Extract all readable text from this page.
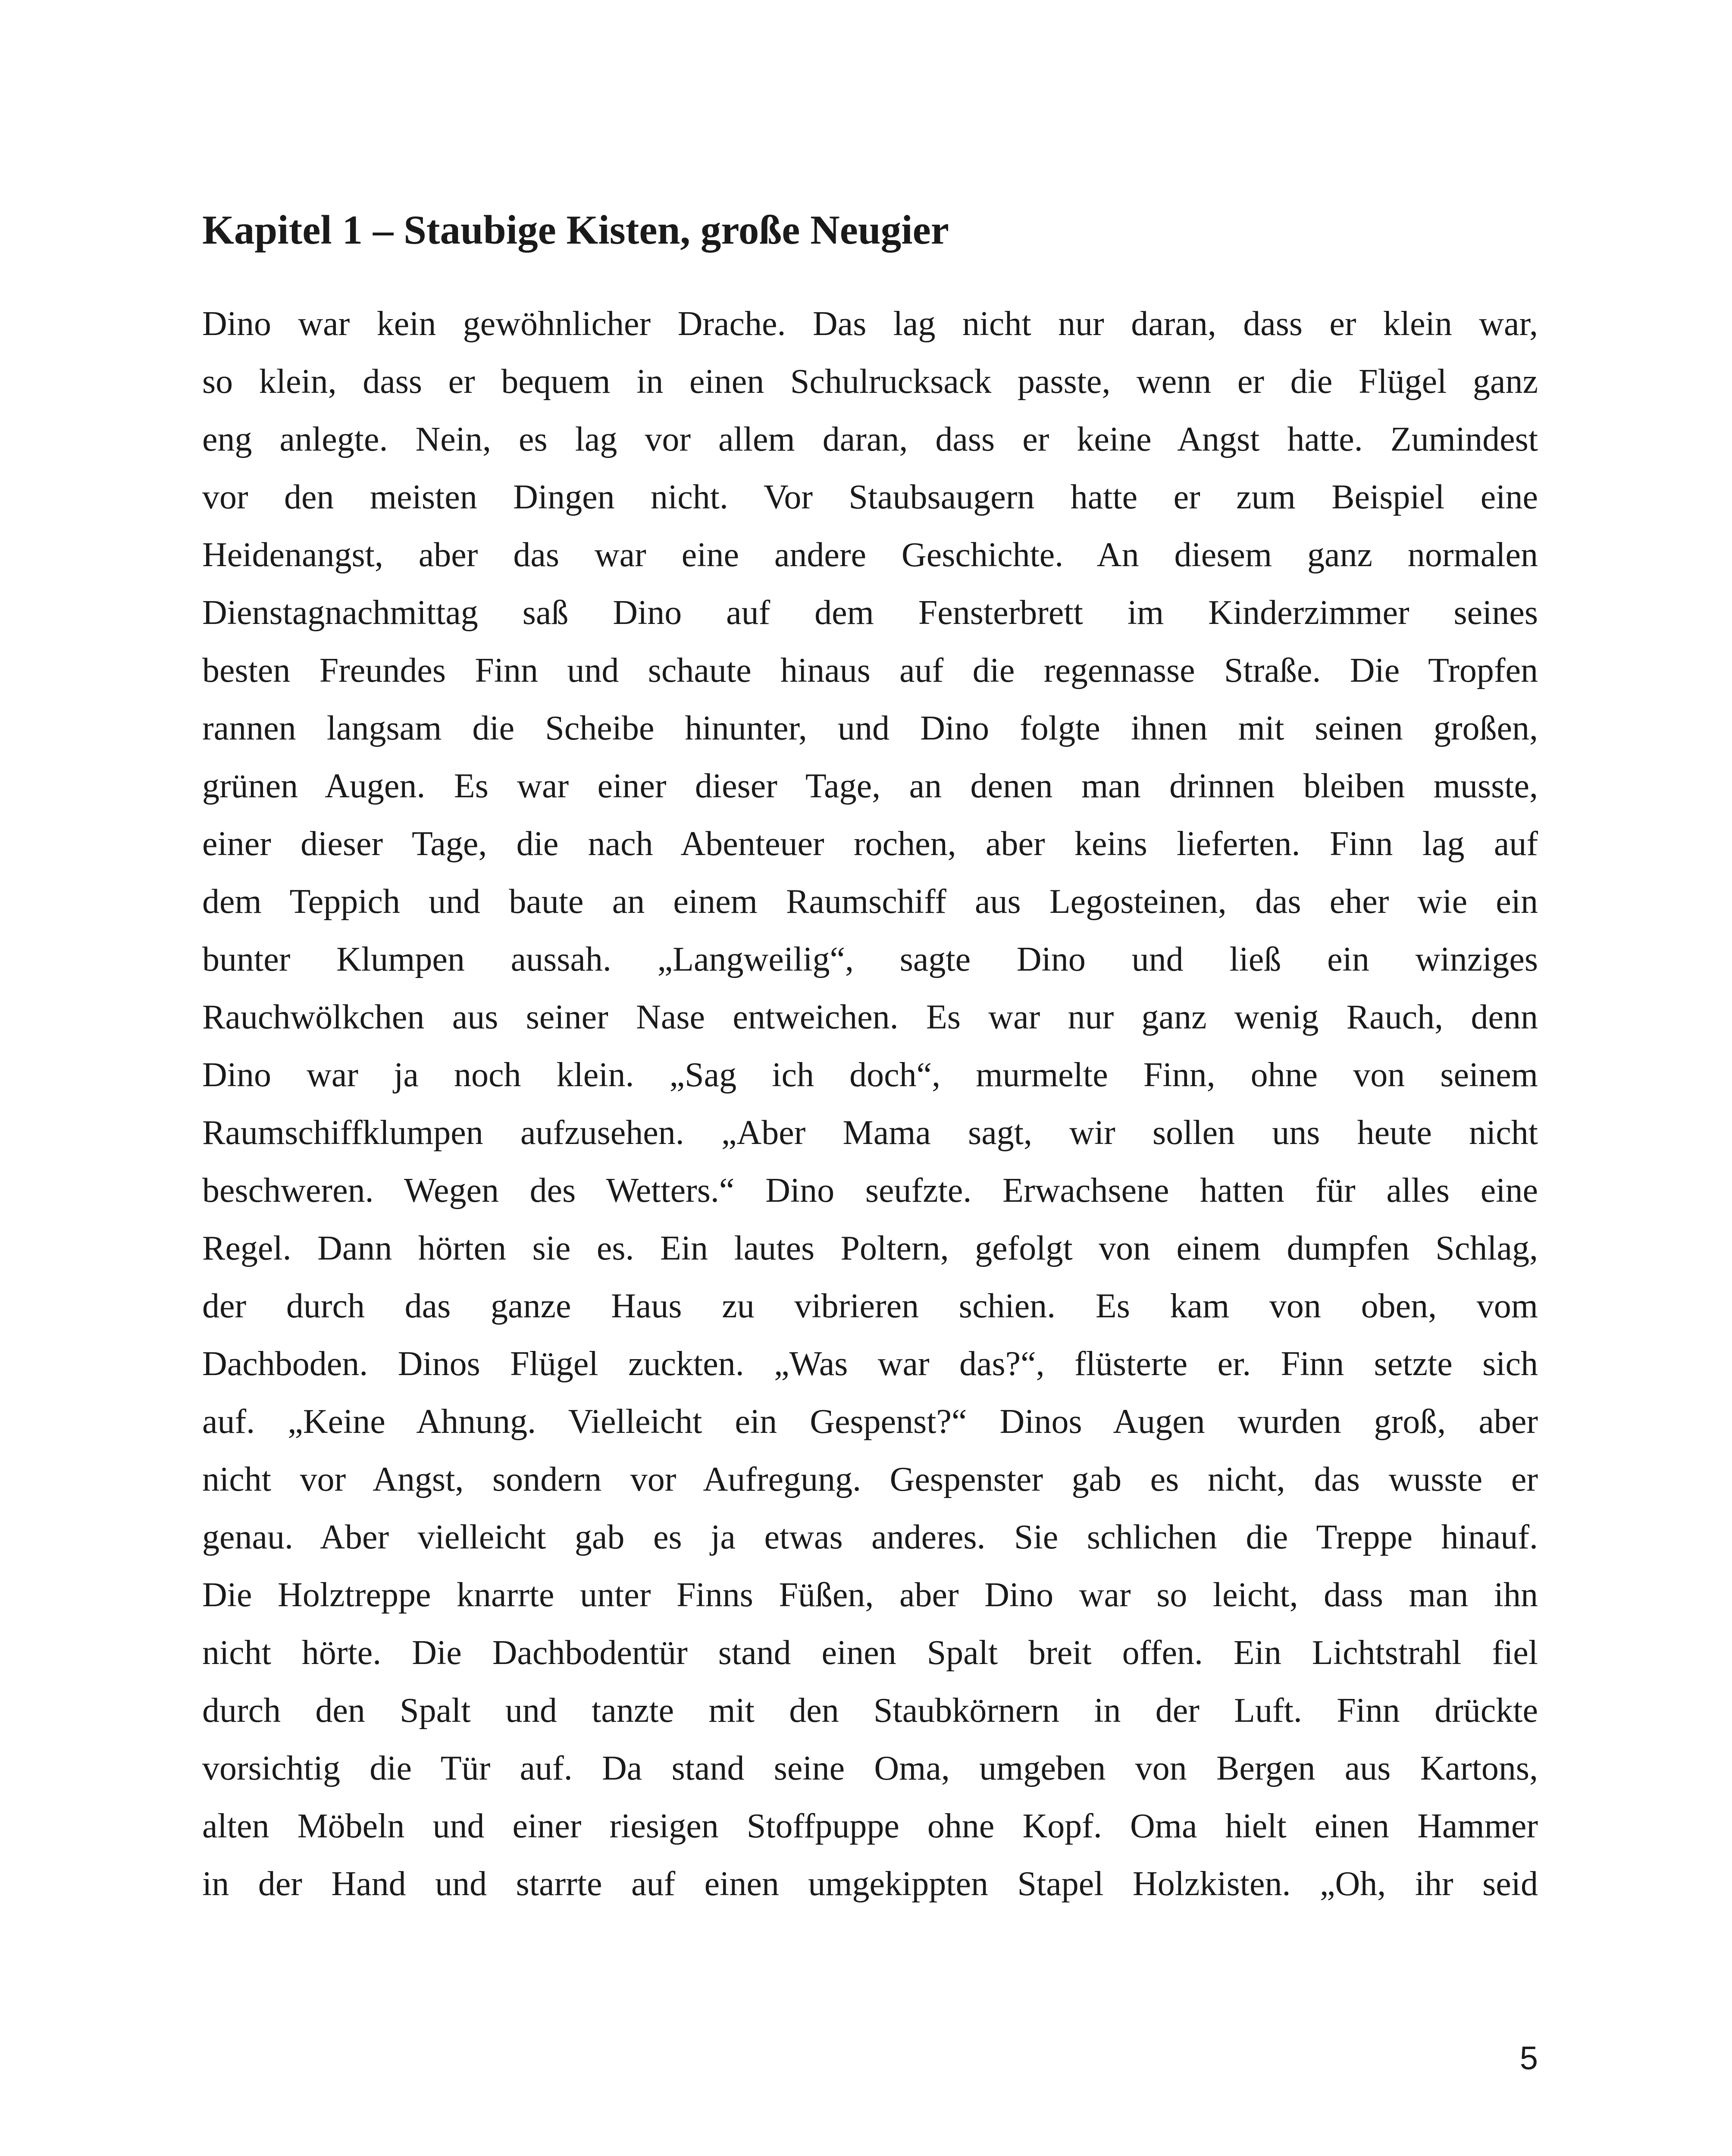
Kapitel 1 – Staubige Kisten, große Neugier
Dino war kein gewöhnlicher Drache. Das lag nicht nur daran, dass er klein war,
so klein, dass er bequem in einen Schulrucksack passte, wenn er die Flügel ganz
eng anlegte. Nein, es lag vor allem daran, dass er keine Angst hatte. Zumindest
vor den meisten Dingen nicht. Vor Staubsaugern hatte er zum Beispiel eine
Heidenangst, aber das war eine andere Geschichte. An diesem ganz normalen
Dienstagnachmittag saß Dino auf dem Fensterbrett im Kinderzimmer seines
besten Freundes Finn und schaute hinaus auf die regennasse Straße. Die Tropfen
rannen langsam die Scheibe hinunter, und Dino folgte ihnen mit seinen großen,
grünen Augen. Es war einer dieser Tage, an denen man drinnen bleiben musste,
einer dieser Tage, die nach Abenteuer rochen, aber keins lieferten. Finn lag auf
dem Teppich und baute an einem Raumschiff aus Legosteinen, das eher wie ein
bunter Klumpen aussah. „Langweilig“, sagte Dino und ließ ein winziges
Rauchwölkchen aus seiner Nase entweichen. Es war nur ganz wenig Rauch, denn
Dino war ja noch klein. „Sag ich doch“, murmelte Finn, ohne von seinem
Raumschiffklumpen aufzusehen. „Aber Mama sagt, wir sollen uns heute nicht
beschweren. Wegen des Wetters.“ Dino seufzte. Erwachsene hatten für alles eine
Regel. Dann hörten sie es. Ein lautes Poltern, gefolgt von einem dumpfen Schlag,
der durch das ganze Haus zu vibrieren schien. Es kam von oben, vom
Dachboden. Dinos Flügel zuckten. „Was war das?“, flüsterte er. Finn setzte sich
auf. „Keine Ahnung. Vielleicht ein Gespenst?“ Dinos Augen wurden groß, aber
nicht vor Angst, sondern vor Aufregung. Gespenster gab es nicht, das wusste er
genau. Aber vielleicht gab es ja etwas anderes. Sie schlichen die Treppe hinauf.
Die Holztreppe knarrte unter Finns Füßen, aber Dino war so leicht, dass man ihn
nicht hörte. Die Dachbodentür stand einen Spalt breit offen. Ein Lichtstrahl fiel
durch den Spalt und tanzte mit den Staubkörnern in der Luft. Finn drückte
vorsichtig die Tür auf. Da stand seine Oma, umgeben von Bergen aus Kartons,
alten Möbeln und einer riesigen Stoffpuppe ohne Kopf. Oma hielt einen Hammer
in der Hand und starrte auf einen umgekippten Stapel Holzkisten. „Oh, ihr seid
5
